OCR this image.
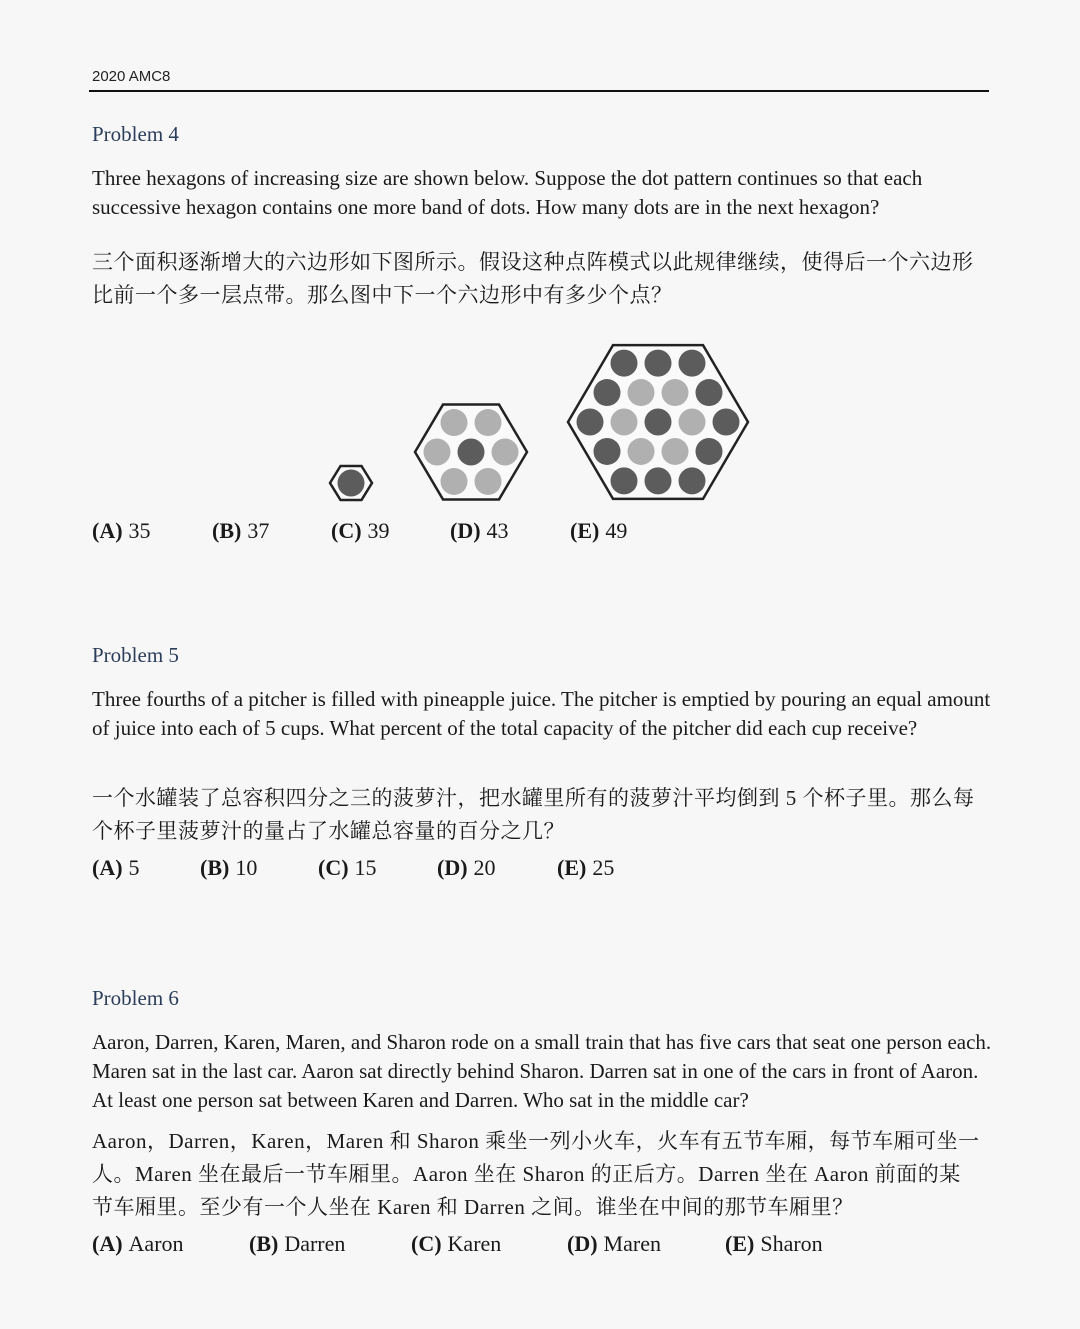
2020 AMC8
Problem 4
Three hexagons of increasing size are shown below. Suppose the dot pattern continues so that each successive hexagon contains one more band of dots. How many dots are in the next hexagon?
三个面积逐渐增大的六边形如下图所示。假设这种点阵模式以此规律继续，使得后一个六边形比前一个多一层点带。那么图中下一个六边形中有多少个点？
(A) 35	(B) 37	(C) 39	(D) 43	(E) 49
Problem 5
Three fourths of a pitcher is filled with pineapple juice. The pitcher is emptied by pouring an equal amount of juice into each of 5 cups. What percent of the total capacity of the pitcher did each cup receive?
一个水罐装了总容积四分之三的菠萝汁，把水罐里所有的菠萝汁平均倒到 5 个杯子里。那么每个杯子里菠萝汁的量占了水罐总容量的百分之几？
(A) 5	(B) 10	(C) 15	(D) 20	(E) 25
Problem 6
Aaron, Darren, Karen, Maren, and Sharon rode on a small train that has five cars that seat one person each. Maren sat in the last car. Aaron sat directly behind Sharon. Darren sat in one of the cars in front of Aaron. At least one person sat between Karen and Darren. Who sat in the middle car?
Aaron，Darren，Karen，Maren 和 Sharon 乘坐一列小火车，火车有五节车厢，每节车厢可坐一人。Maren 坐在最后一节车厢里。Aaron 坐在 Sharon 的正后方。Darren 坐在 Aaron 前面的某节车厢里。至少有一个人坐在 Karen 和 Darren 之间。谁坐在中间的那节车厢里？
(A) Aaron	(B) Darren	(C) Karen	(D) Maren	(E) Sharon
